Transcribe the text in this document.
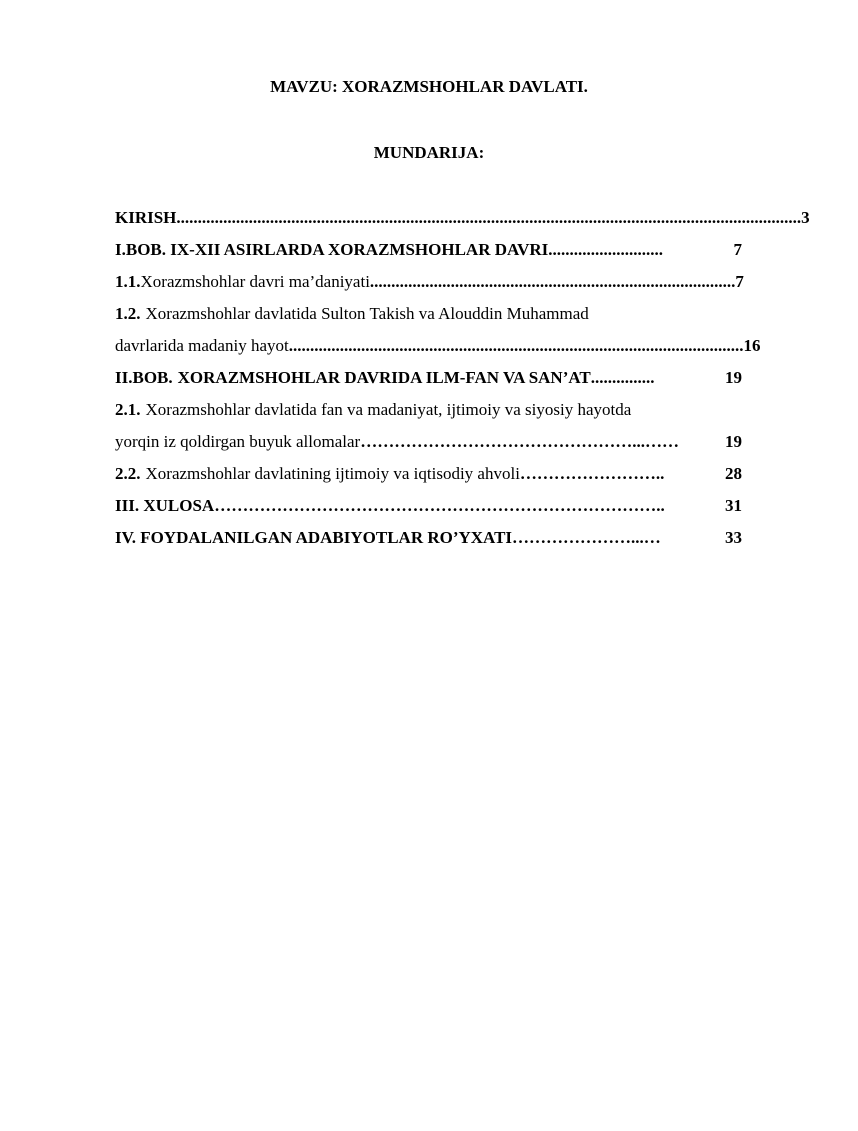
MAVZU: XORAZMSHOHLAR DAVLATI.
MUNDARIJA:
KIRISH ................................................................................................................................................... 3
I.BOB. IX-XII ASIRLARDA XORAZMSHOHLAR DAVRI ...........................	7
1.1. Xorazmshohlar davri ma’daniyati ...................................................................................... 7
1.2. Xorazmshohlar davlatida Sulton Takish va Alouddin Muhammad
davrlarida madaniy hayot ........................................................................................................... 16
II.BOB. XORAZMSHOHLAR DAVRIDA ILM-FAN VA SAN’AT ...............	19
2.1. Xorazmshohlar davlatida fan va madaniyat, ijtimoiy va siyosiy hayotda
yorqin iz qoldirgan buyuk allomalar …………………………………………...……	19
2.2. Xorazmshohlar davlatining ijtimoiy va iqtisodiy ahvoli ……………………..	28
III. XULOSA ……………………………………………………………………..	31
IV. FOYDALANILGAN ADABIYOTLAR RO’YXATI …………………...…	33
